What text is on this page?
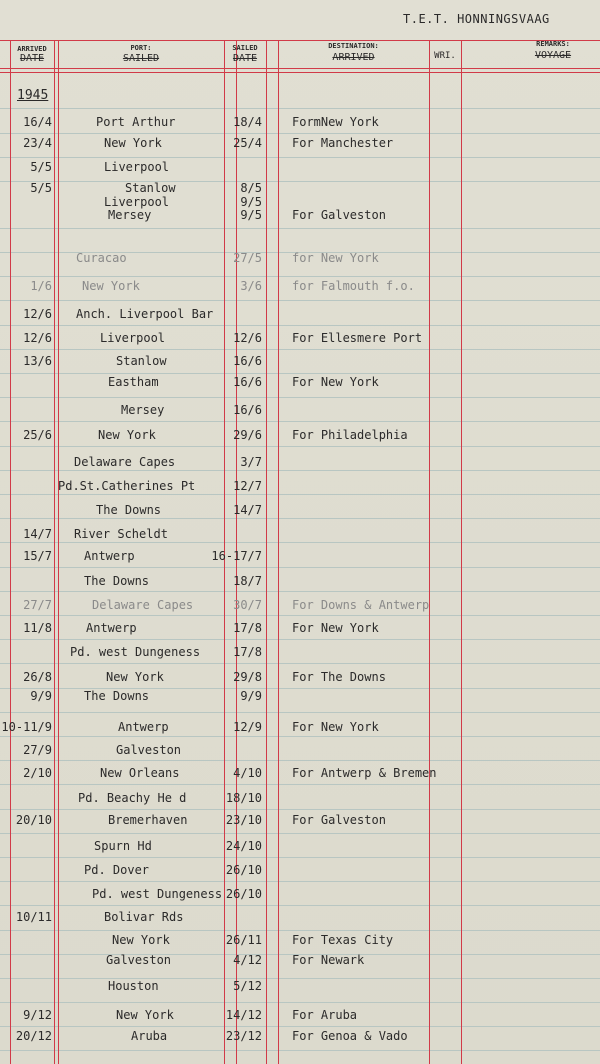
T.E.T. HONNINGSVAAG
ARRIVED
DATE
PORT:
SAILED
SAILED
DATE
DESTINATION:
ARRIVED	WRI.
REMARKS:
VOYAGE
1945
16/4	Port Arthur	18/4	FormNew York
23/4	New York	25/4	For Manchester
5/5	Liverpool
5/5	Stanlow	8/5
Liverpool	9/5
Mersey	9/5	For Galveston
Curacao	27/5	for New York
1/6	New York	3/6	for Falmouth f.o.
12/6 Anch. Liverpool Bar
12/6	Liverpool	12/6	For Ellesmere Port
13/6	Stanlow	16/6
Eastham	16/6	For New York
Mersey	16/6
25/6	New York	29/6	For Philadelphia
Delaware Capes	3/7
Pd.St.Catherines Pt	12/7
The Downs	14/7
14/7 River Scheldt
15/7	Antwerp	16-17/7
The Downs	18/7
27/7	Delaware Capes	30/7	For Downs & Antwerp
11/8	Antwerp	17/8	For New York
Pd. west Dungeness	17/8
26/8	New York	29/8	For The Downs
9/9	The Downs	9/9
10-11/9	Antwerp	12/9	For New York
27/9	Galveston
2/10	New Orleans	4/10	For Antwerp & Bremen
Pd. Beachy He d	18/10
20/10	Bremerhaven	23/10	For Galveston
Spurn Hd	24/10
Pd. Dover	26/10
Pd. west Dungeness 26/10
10/11	Bolivar Rds
New York	26/11	For Texas City
Galveston	4/12	For Newark
Houston	5/12
9/12	New York	14/12	For Aruba
20/12	Aruba	23/12	For Genoa & Vado
